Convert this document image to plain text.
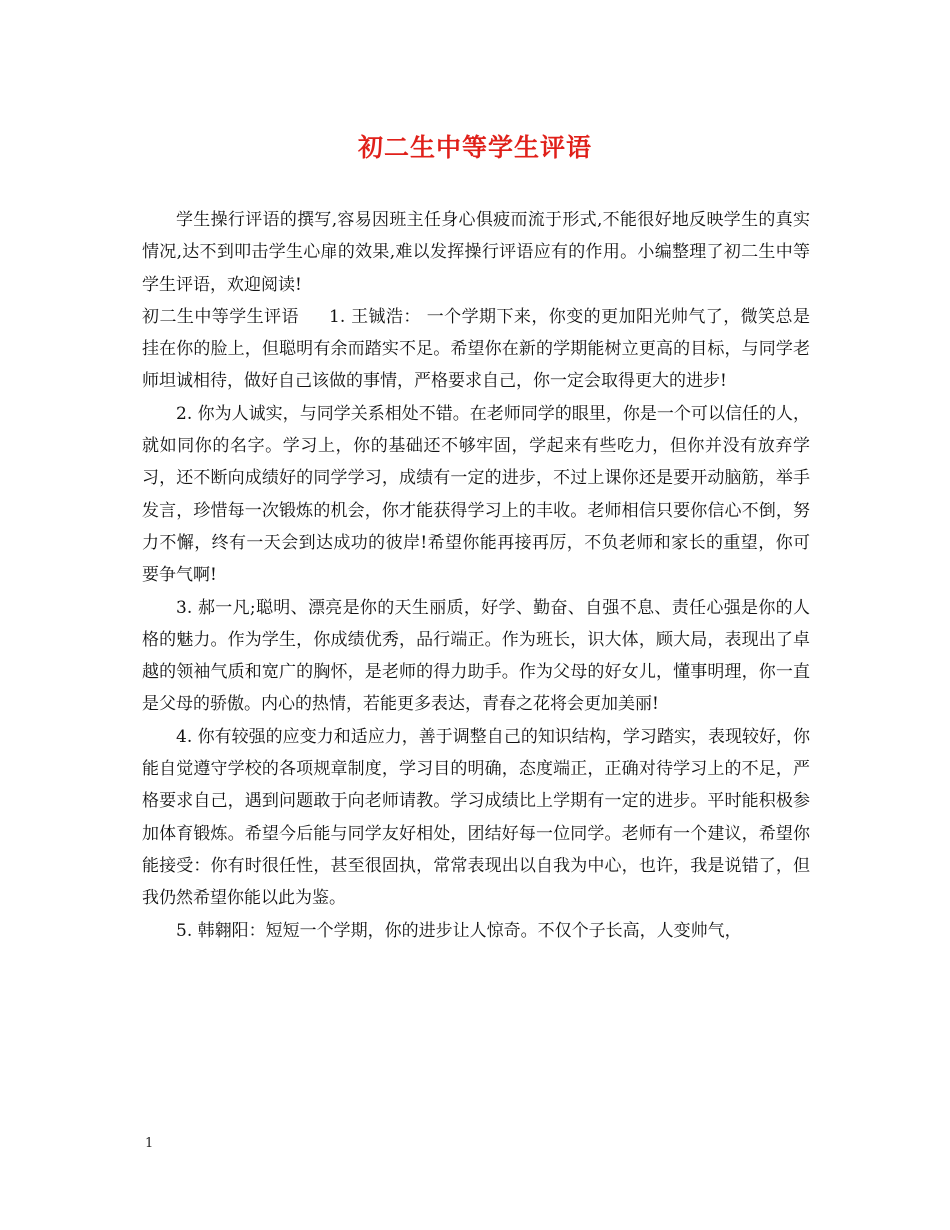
初二生中等学生评语

学生操行评语的撰写,容易因班主任身心俱疲而流于形式,不能很好地反映学生的真实情况,达不到叩击学生心扉的效果,难以发挥操行评语应有的作用。小编整理了初二生中等学生评语，欢迎阅读!

初二生中等学生评语 1. 王铖浩： 一个学期下来，你变的更加阳光帅气了，微笑总是挂在你的脸上，但聪明有余而踏实不足。希望你在新的学期能树立更高的目标，与同学老师坦诚相待，做好自己该做的事情，严格要求自己，你一定会取得更大的进步!

2. 你为人诚实，与同学关系相处不错。在老师同学的眼里，你是一个可以信任的人，就如同你的名字。学习上，你的基础还不够牢固，学起来有些吃力，但你并没有放弃学习，还不断向成绩好的同学学习，成绩有一定的进步，不过上课你还是要开动脑筋，举手发言，珍惜每一次锻炼的机会，你才能获得学习上的丰收。老师相信只要你信心不倒，努力不懈，终有一天会到达成功的彼岸!希望你能再接再厉，不负老师和家长的重望，你可要争气啊!

3. 郝一凡;聪明、漂亮是你的天生丽质，好学、勤奋、自强不息、责任心强是你的人格的魅力。作为学生，你成绩优秀，品行端正。作为班长，识大体，顾大局，表现出了卓越的领袖气质和宽广的胸怀，是老师的得力助手。作为父母的好女儿，懂事明理，你一直是父母的骄傲。内心的热情，若能更多表达，青春之花将会更加美丽!

4. 你有较强的应变力和适应力，善于调整自己的知识结构，学习踏实，表现较好，你能自觉遵守学校的各项规章制度，学习目的明确，态度端正，正确对待学习上的不足，严格要求自己，遇到问题敢于向老师请教。学习成绩比上学期有一定的进步。平时能积极参加体育锻炼。希望今后能与同学友好相处，团结好每一位同学。老师有一个建议，希望你能接受：你有时很任性，甚至很固执，常常表现出以自我为中心，也许，我是说错了，但我仍然希望你能以此为鉴。

5. 韩翱阳：短短一个学期，你的进步让人惊奇。不仅个子长高，人变帅气，

1
